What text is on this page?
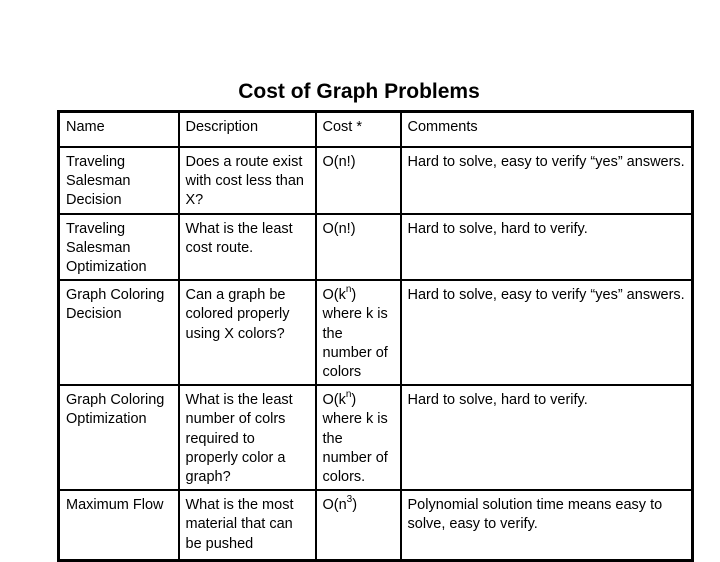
Cost of Graph Problems
Name	Description	Cost *	Comments
Traveling Salesman Decision	Does a route exist with cost less than X?	O(n!)	Hard to solve, easy to verify “yes” answers.
Traveling Salesman Optimization	What is the least cost route.	O(n!)	Hard to solve, hard to verify.
Graph Coloring Decision	Can a graph be colored properly using X colors?	$O(k^n)$ where k is the number of colors	Hard to solve, easy to verify “yes” answers.
Graph Coloring Optimization	What is the least number of colrs required to properly color a graph?	$O(k^n)$ where k is the number of colors.	Hard to solve, hard to verify.
Maximum Flow	What is the most material that can be pushed	$O(n^3)$	Polynomial solution time means easy to solve, easy to verify.
